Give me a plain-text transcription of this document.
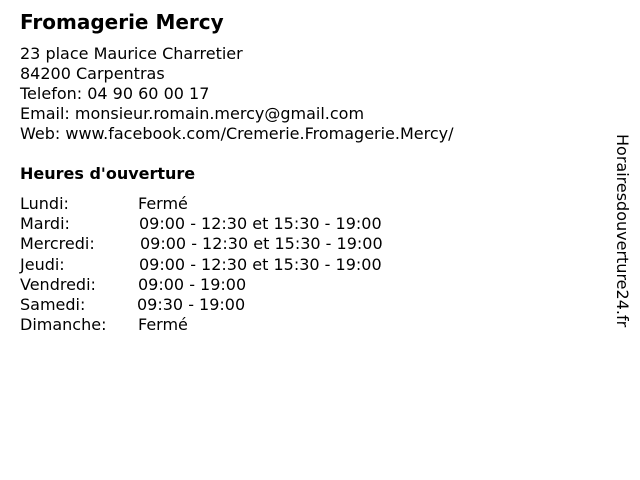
Fromagerie Mercy
23 place Maurice Charretier
84200 Carpentras
Telefon: 04 90 60 00 17
Email: monsieur.romain.mercy@gmail.com
Web: www.facebook.com/Cremerie.Fromagerie.Mercy/
Heures d'ouverture
Lundi:	Fermé
Mardi:	09:00 - 12:30 et 15:30 - 19:00
Mercredi:	09:00 - 12:30 et 15:30 - 19:00
Jeudi:	09:00 - 12:30 et 15:30 - 19:00
Vendredi:	09:00 - 19:00
Samedi:	09:30 - 19:00
Dimanche: Fermé	Horairesdouverture24.fr
